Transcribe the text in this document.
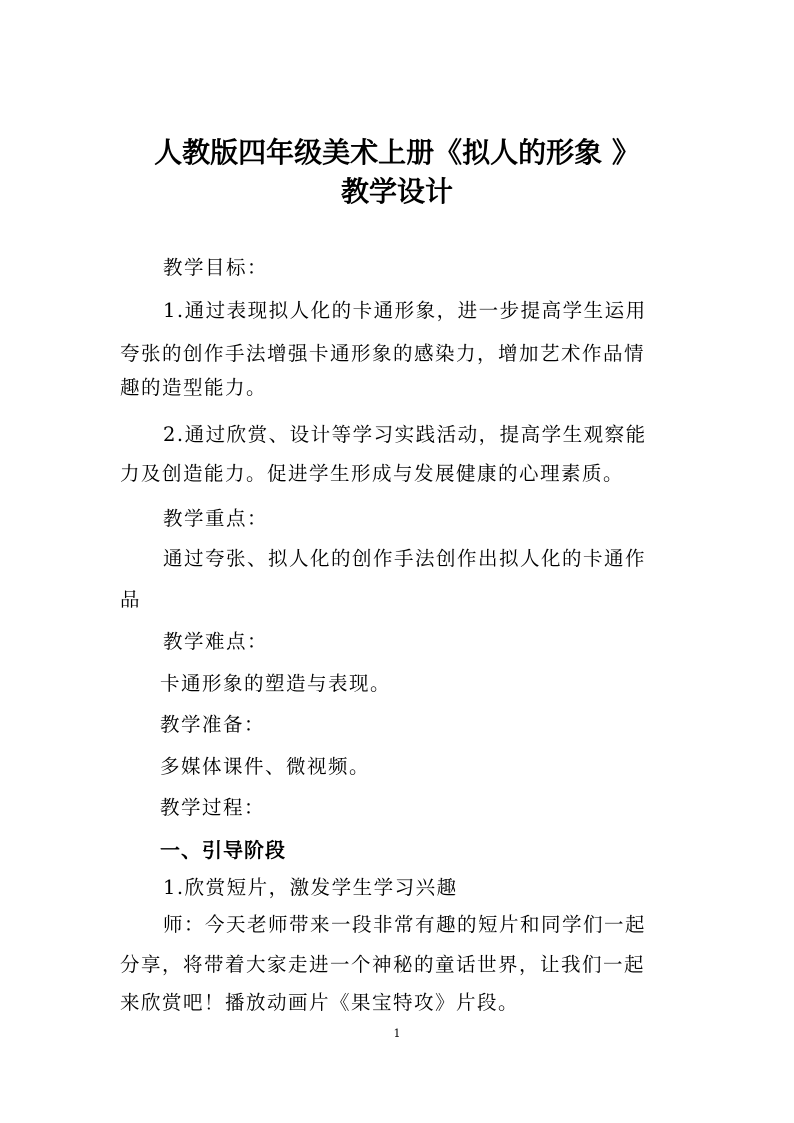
人教版四年级美术上册《拟人的形象 》
教学设计
教学目标：
1.通过表现拟人化的卡通形象，进一步提高学生运用
夸张的创作手法增强卡通形象的感染力，增加艺术作品情
趣的造型能力。
2.通过欣赏、设计等学习实践活动，提高学生观察能
力及创造能力。促进学生形成与发展健康的心理素质。
教学重点：
通过夸张、拟人化的创作手法创作出拟人化的卡通作
品
教学难点：
卡通形象的塑造与表现。
教学准备：
多媒体课件、微视频。
教学过程：
一、引导阶段
1.欣赏短片，激发学生学习兴趣
师：今天老师带来一段非常有趣的短片和同学们一起
分享，将带着大家走进一个神秘的童话世界，让我们一起
来欣赏吧！播放动画片《果宝特攻》片段。
1
